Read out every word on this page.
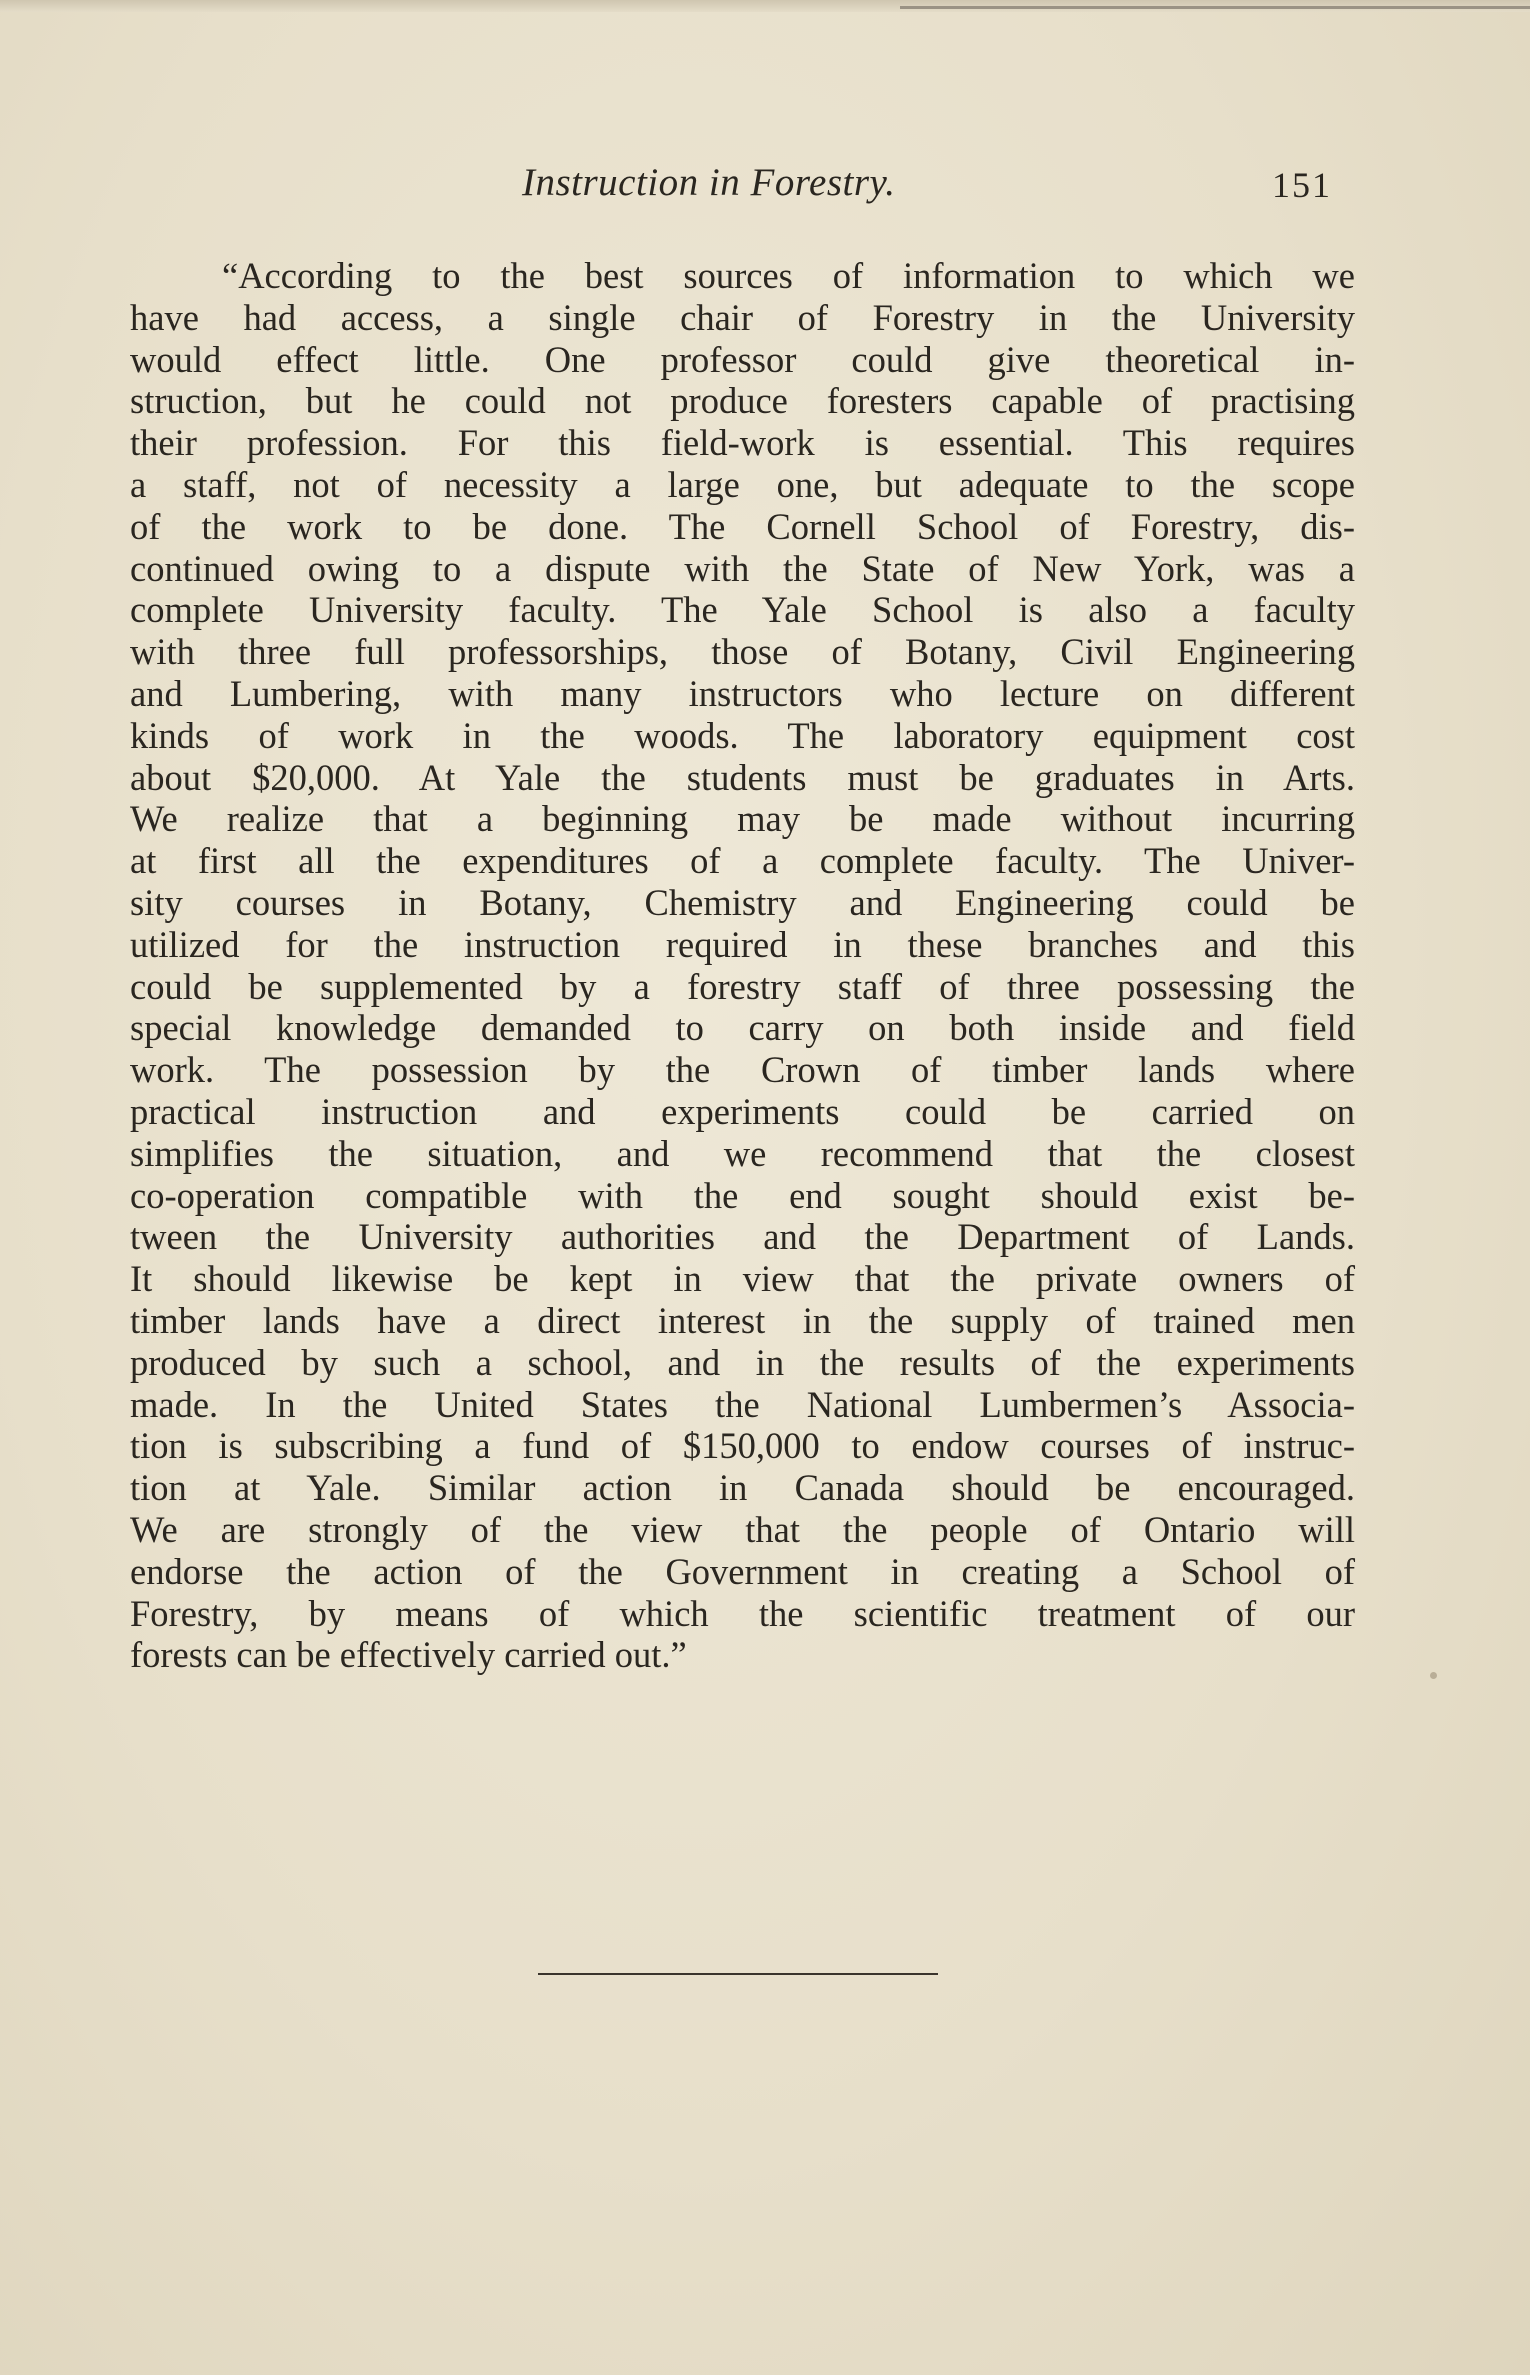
Instruction in Forestry.	151
“According to the best sources of information to which we
have had access, a single chair of Forestry in the University
would effect little. One professor could give theoretical in-
struction, but he could not produce foresters capable of practising
their profession. For this field-work is essential. This requires
a staff, not of necessity a large one, but adequate to the scope
of the work to be done. The Cornell School of Forestry, dis-
continued owing to a dispute with the State of New York, was a
complete University faculty. The Yale School is also a faculty
with three full professorships, those of Botany, Civil Engineering
and Lumbering, with many instructors who lecture on different
kinds of work in the woods. The laboratory equipment cost
about $20,000. At Yale the students must be graduates in Arts.
We realize that a beginning may be made without incurring
at first all the expenditures of a complete faculty. The Univer-
sity courses in Botany, Chemistry and Engineering could be
utilized for the instruction required in these branches and this
could be supplemented by a forestry staff of three possessing the
special knowledge demanded to carry on both inside and field
work. The possession by the Crown of timber lands where
practical instruction and experiments could be carried on
simplifies the situation, and we recommend that the closest
co-operation compatible with the end sought should exist be-
tween the University authorities and the Department of Lands.
It should likewise be kept in view that the private owners of
timber lands have a direct interest in the supply of trained men
produced by such a school, and in the results of the experiments
made. In the United States the National Lumbermen’s Associa-
tion is subscribing a fund of $150,000 to endow courses of instruc-
tion at Yale. Similar action in Canada should be encouraged.
We are strongly of the view that the people of Ontario will
endorse the action of the Government in creating a School of
Forestry, by means of which the scientific treatment of our
forests can be effectively carried out.”
